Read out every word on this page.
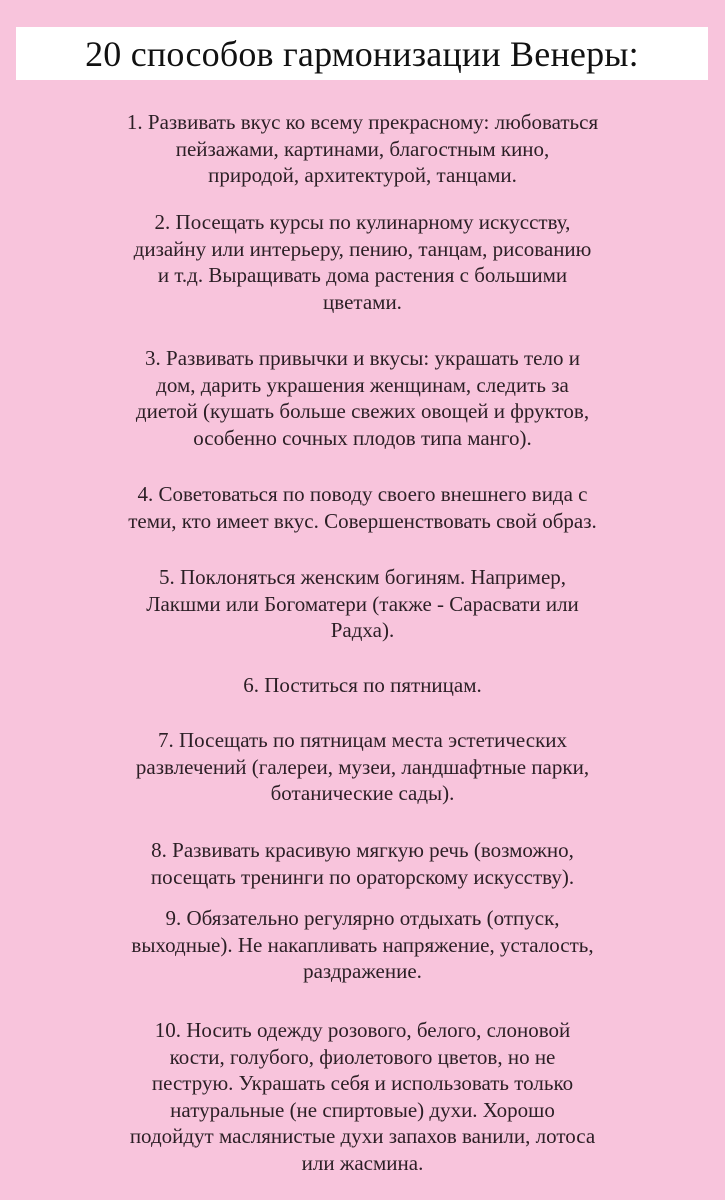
20 способов гармонизации Венеры:
1. Развивать вкус ко всему прекрасному: любоваться
пейзажами, картинами, благостным кино,
природой, архитектурой, танцами.
2. Посещать курсы по кулинарному искусству,
дизайну или интерьеру, пению, танцам, рисованию
и т.д. Выращивать дома растения с большими
цветами.
3. Развивать привычки и вкусы: украшать тело и
дом, дарить украшения женщинам, следить за
диетой (кушать больше свежих овощей и фруктов,
особенно сочных плодов типа манго).
4. Советоваться по поводу своего внешнего вида с
теми, кто имеет вкус. Совершенствовать свой образ.
5. Поклоняться женским богиням. Например,
Лакшми или Богоматери (также - Сарасвати или
Радха).
6. Поститься по пятницам.
7. Посещать по пятницам места эстетических
развлечений (галереи, музеи, ландшафтные парки,
ботанические сады).
8. Развивать красивую мягкую речь (возможно,
посещать тренинги по ораторскому искусству).
9. Обязательно регулярно отдыхать (отпуск,
выходные). Не накапливать напряжение, усталость,
раздражение.
10. Носить одежду розового, белого, слоновой
кости, голубого, фиолетового цветов, но не
пеструю. Украшать себя и использовать только
натуральные (не спиртовые) духи. Хорошо
подойдут маслянистые духи запахов ванили, лотоса
или жасмина.
